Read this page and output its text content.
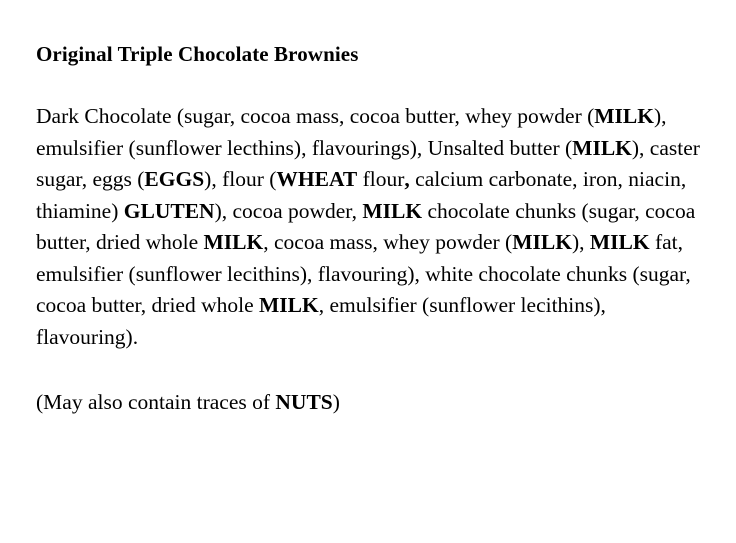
Original Triple Chocolate Brownies

Dark Chocolate (sugar, cocoa mass, cocoa butter, whey powder (MILK), emulsifier (sunflower lecthins), flavourings), Unsalted butter (MILK), caster sugar, eggs (EGGS), flour (WHEAT flour, calcium carbonate, iron, niacin, thiamine) GLUTEN), cocoa powder, MILK chocolate chunks (sugar, cocoa butter, dried whole MILK, cocoa mass, whey powder (MILK), MILK fat, emulsifier (sunflower lecithins), flavouring), white chocolate chunks (sugar, cocoa butter, dried whole MILK, emulsifier (sunflower lecithins), flavouring).

(May also contain traces of NUTS)
